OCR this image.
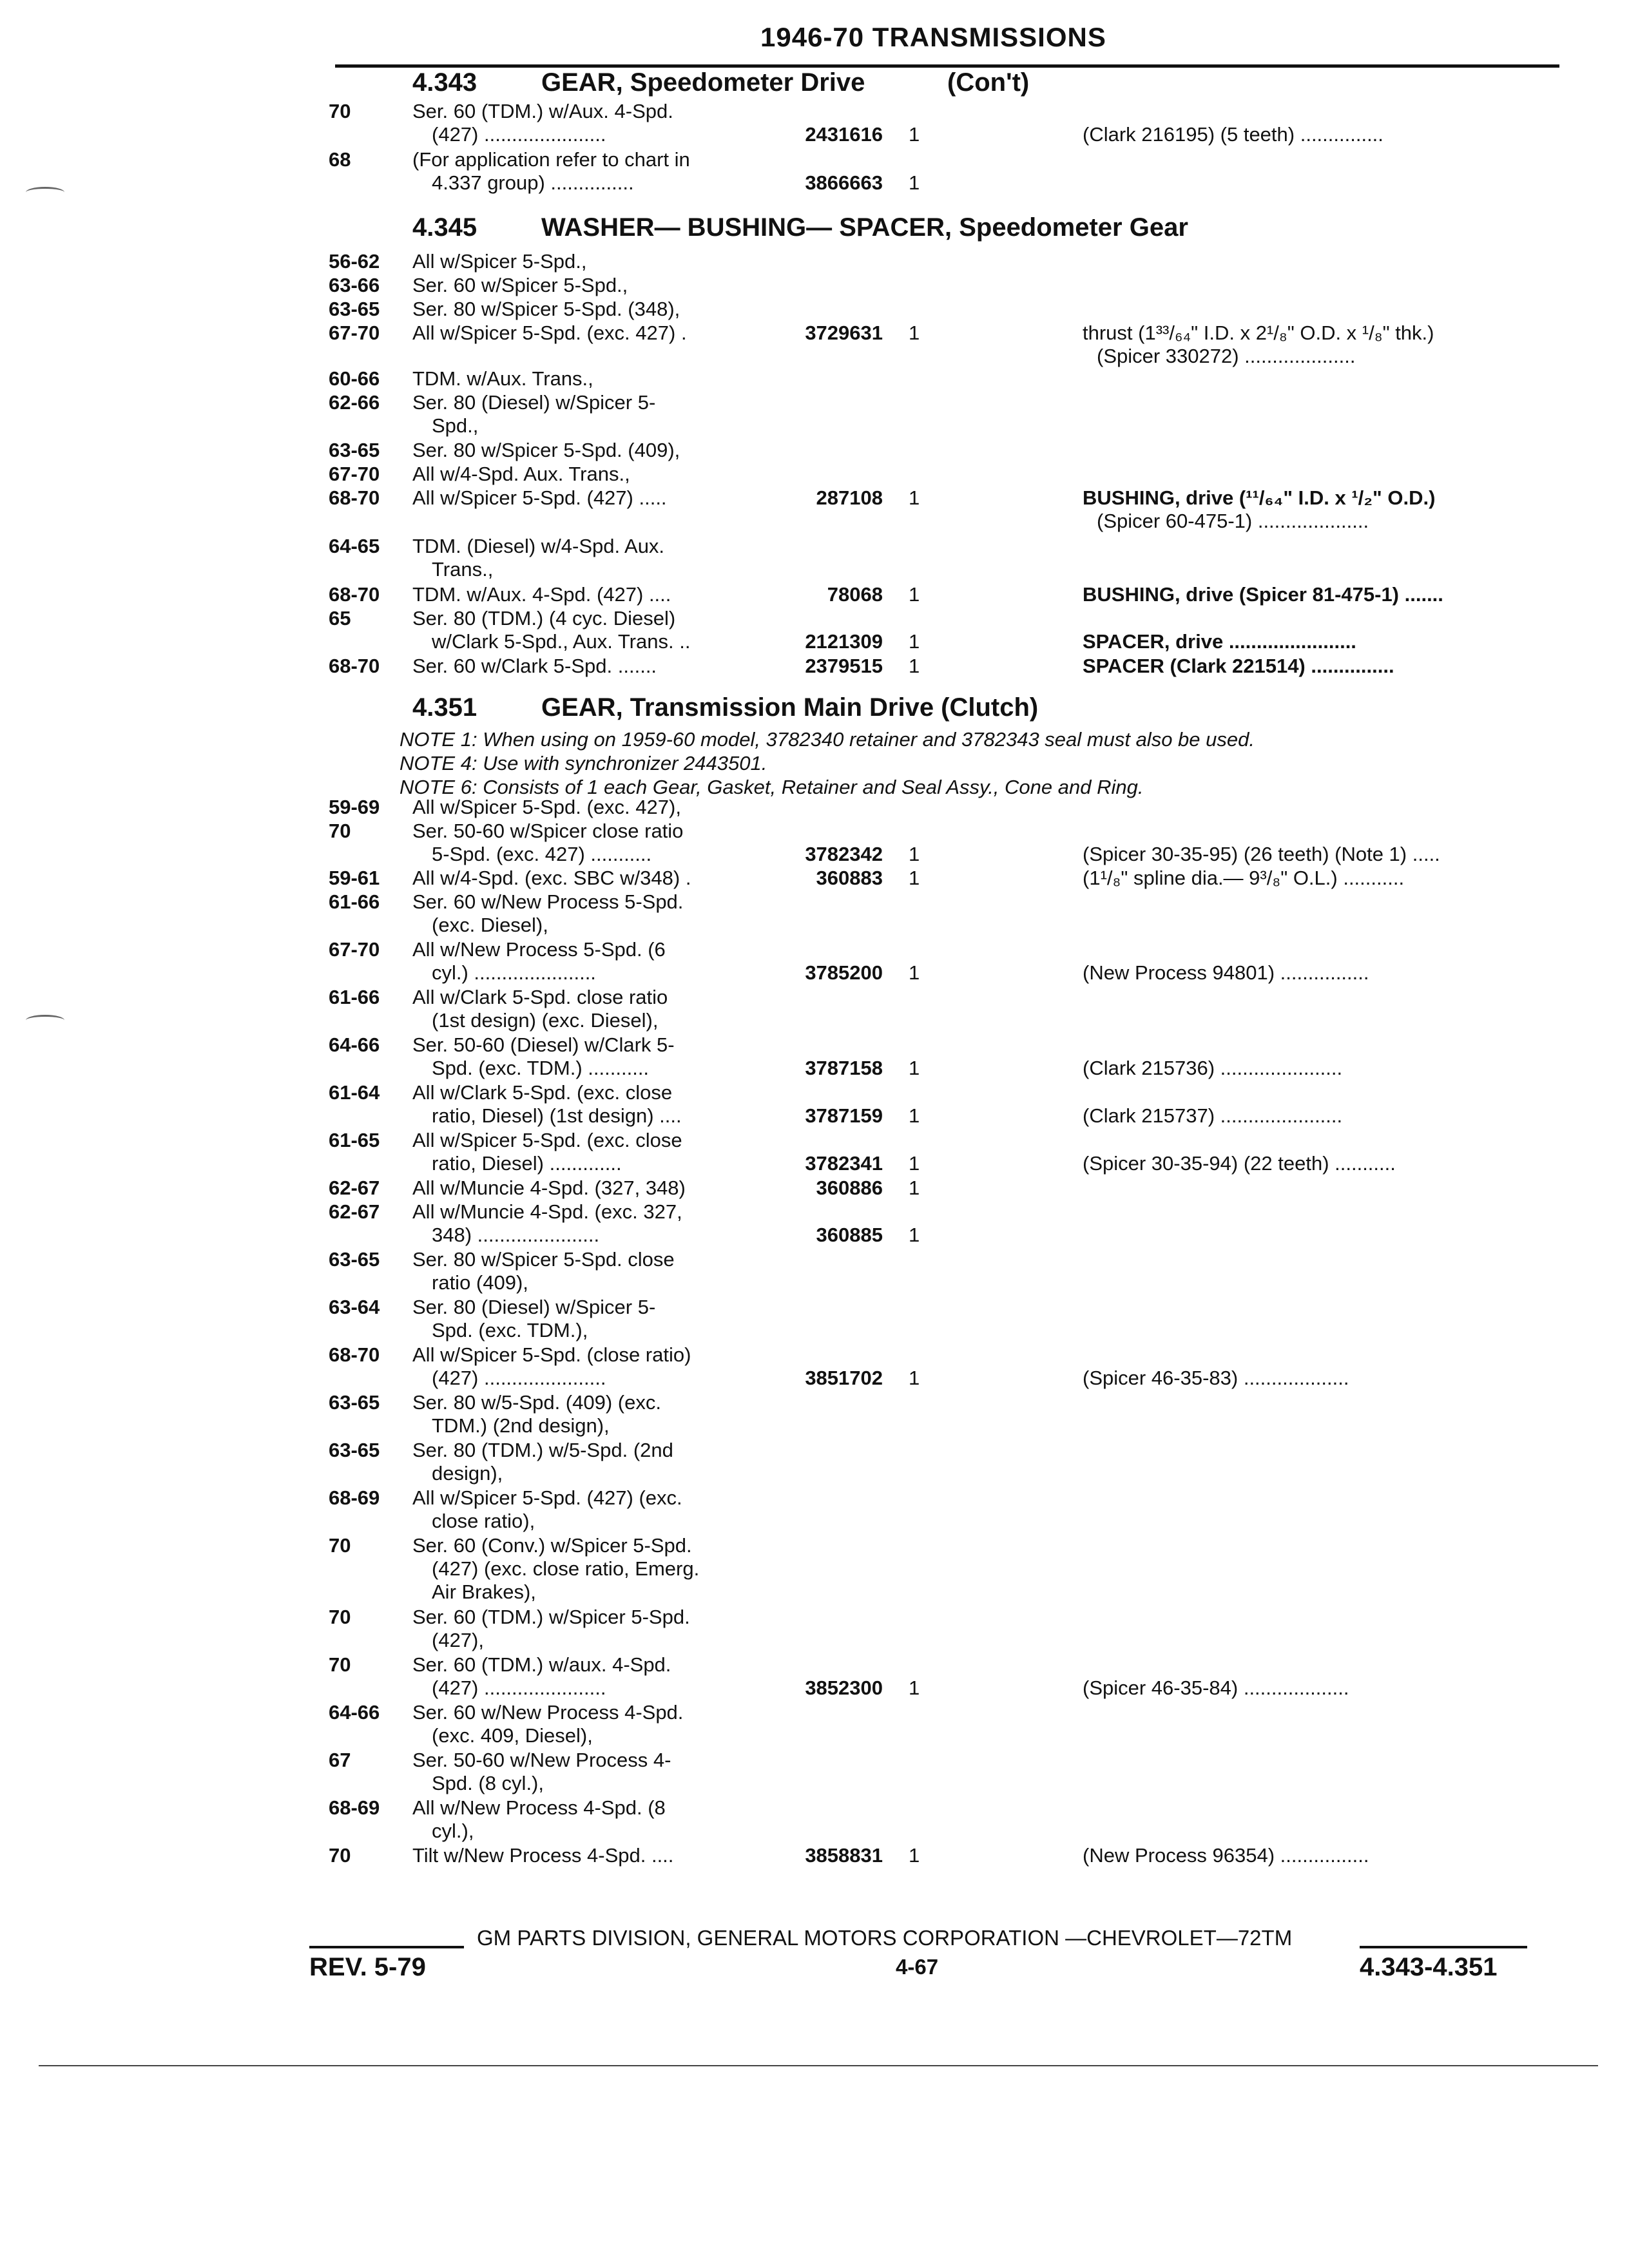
1946-70 TRANSMISSIONS
4.343 GEAR, Speedometer Drive	(Con't)
4.345 WASHER— BUSHING— SPACER, Speedometer Gear
4.351 GEAR, Transmission Main Drive (Clutch)
NOTE 1: When using on 1959-60 model, 3782340 retainer and 3782343 seal must also be used.
NOTE 4: Use with synchronizer 2443501.
NOTE 6: Consists of 1 each Gear, Gasket, Retainer and Seal Assy., Cone and Ring.
70	Ser. 60 (TDM.) w/Aux. 4-Spd.
(427) ......................	2431616 1	(Clark 216195) (5 teeth) ...............
68	(For application refer to chart in
4.337 group) ...............	3866663 1
56-62 All w/Spicer 5-Spd.,
63-66 Ser. 60 w/Spicer 5-Spd.,
63-65 Ser. 80 w/Spicer 5-Spd. (348),
67-70 All w/Spicer 5-Spd. (exc. 427) .	3729631 1	thrust (1³³/₆₄" I.D. x 2¹/₈" O.D. x ¹/₈" thk.)
(Spicer 330272) ....................
60-66 TDM. w/Aux. Trans.,
62-66 Ser. 80 (Diesel) w/Spicer 5-
Spd.,
63-65 Ser. 80 w/Spicer 5-Spd. (409),
67-70 All w/4-Spd. Aux. Trans.,
68-70 All w/Spicer 5-Spd. (427) .....	287108 1	BUSHING, drive (¹¹/₆₄" I.D. x ¹/₂" O.D.)
(Spicer 60-475-1) ....................
64-65 TDM. (Diesel) w/4-Spd. Aux.
Trans.,
68-70 TDM. w/Aux. 4-Spd. (427) ....	78068 1	BUSHING, drive (Spicer 81-475-1) .......
65	Ser. 80 (TDM.) (4 cyc. Diesel)
w/Clark 5-Spd., Aux. Trans. ..	2121309 1	SPACER, drive .......................
68-70 Ser. 60 w/Clark 5-Spd. .......	2379515 1	SPACER (Clark 221514) ...............
59-69 All w/Spicer 5-Spd. (exc. 427),
70	Ser. 50-60 w/Spicer close ratio
5-Spd. (exc. 427) ...........	3782342 1	(Spicer 30-35-95) (26 teeth) (Note 1) .....
59-61 All w/4-Spd. (exc. SBC w/348) .	360883 1	(1¹/₈" spline dia.— 9³/₈" O.L.) ...........
61-66 Ser. 60 w/New Process 5-Spd.
(exc. Diesel),
67-70 All w/New Process 5-Spd. (6
cyl.) ......................	3785200 1	(New Process 94801) ................
61-66 All w/Clark 5-Spd. close ratio
(1st design) (exc. Diesel),
64-66 Ser. 50-60 (Diesel) w/Clark 5-
Spd. (exc. TDM.) ...........	3787158 1	(Clark 215736) ......................
61-64 All w/Clark 5-Spd. (exc. close
ratio, Diesel) (1st design) ....	3787159 1	(Clark 215737) ......................
61-65 All w/Spicer 5-Spd. (exc. close
ratio, Diesel) .............	3782341 1	(Spicer 30-35-94) (22 teeth) ...........
62-67 All w/Muncie 4-Spd. (327, 348)	360886 1
62-67 All w/Muncie 4-Spd. (exc. 327,
348) ......................	360885 1
63-65 Ser. 80 w/Spicer 5-Spd. close
ratio (409),
63-64 Ser. 80 (Diesel) w/Spicer 5-
Spd. (exc. TDM.),
68-70 All w/Spicer 5-Spd. (close ratio)
(427) ......................	3851702 1	(Spicer 46-35-83) ...................
63-65 Ser. 80 w/5-Spd. (409) (exc.
TDM.) (2nd design),
63-65 Ser. 80 (TDM.) w/5-Spd. (2nd
design),
68-69 All w/Spicer 5-Spd. (427) (exc.
close ratio),
70	Ser. 60 (Conv.) w/Spicer 5-Spd.
(427) (exc. close ratio, Emerg.
Air Brakes),
70	Ser. 60 (TDM.) w/Spicer 5-Spd.
(427),
70	Ser. 60 (TDM.) w/aux. 4-Spd.
(427) ......................	3852300 1	(Spicer 46-35-84) ...................
64-66 Ser. 60 w/New Process 4-Spd.
(exc. 409, Diesel),
67	Ser. 50-60 w/New Process 4-
Spd. (8 cyl.),
68-69 All w/New Process 4-Spd. (8
cyl.),
70	Tilt w/New Process 4-Spd. ....	3858831 1	(New Process 96354) ................
GM PARTS DIVISION, GENERAL MOTORS CORPORATION —CHEVROLET—72TM
REV. 5-79	4-67	4.343-4.351
